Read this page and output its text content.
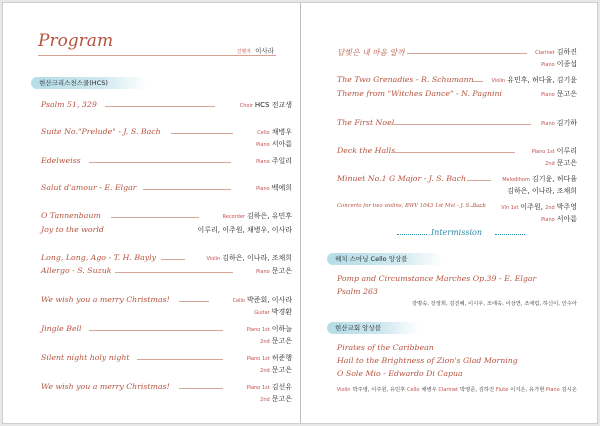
Program
진행자 이사라
현산크리스천스쿨(HCS)
Psalm 51, 329	Choir HCS 전교생
Suite No."Prelude" - J. S. Bach	Cello 채병우
Piano 서아름
Edelweiss	Piano 주일리
Salut d'amour - E. Elgar	Piano 백예희
O Tannenbaum	Recorder 김하은, 유민후
Joy to the world	이루리, 이주원, 채병우, 이사라
Long, Long, Ago - T. H. Bayly	Violin 김하은, 이나라, 조채희
Allergo - S. Suzuk	Piano 문고은
We wish you a merry Christmas!	Cello 박준회, 이사라
Guitar 박경환
Jingle Bell	Piano 1st 이하늘
2nd 문고은
Silent night holy night	Piano 1st 허준행
2nd 문고은
We wish you a merry Christmas!	Piano 1st 김선유
2nd 문고은
답빛은 내 마음 알까	Clarinet 김하진
Piano 이종섭
The Two Grenadies - R. Schumann	Violin 유민후, 허다율, 김기윤
Theme from "Witches Dance" - N. Pagnini	Piano 문고은
The First Noel	Piano 김기하
Deck the Halls	Piano 1st 이루리
2nd 문고은
Minuet No.1 G Major - J. S. Bach	Melodihorn 김기윤, 허다율
김하은, 이나라, 조채희
Concerto for two violins, BWV 1043 1st Mvt - J. S. Bach	Vln 1st 이주원, 2nd 박주영
Piano 서아름
Intermission
헤치 스마닝 Cello 앙상블
Pomp and Circumstance Marches Op.39 - E. Elgar
Psalm 263
강명숙, 강정희, 김진혜, 이시우, 조애숙, 이상연, 조애림, 하신이, 인수아
현산교회 앙상블
Pirates of the Caribbean
Hail to the Brightness of Zion's Glad Morning
O Sole Mio - Edwardo Di Capua
Violin 박주영, 이주원, 유민후 Cello 채병우 Clarinet 박영준, 김하진 Flute 이지은, 유가현 Piano 김시온
